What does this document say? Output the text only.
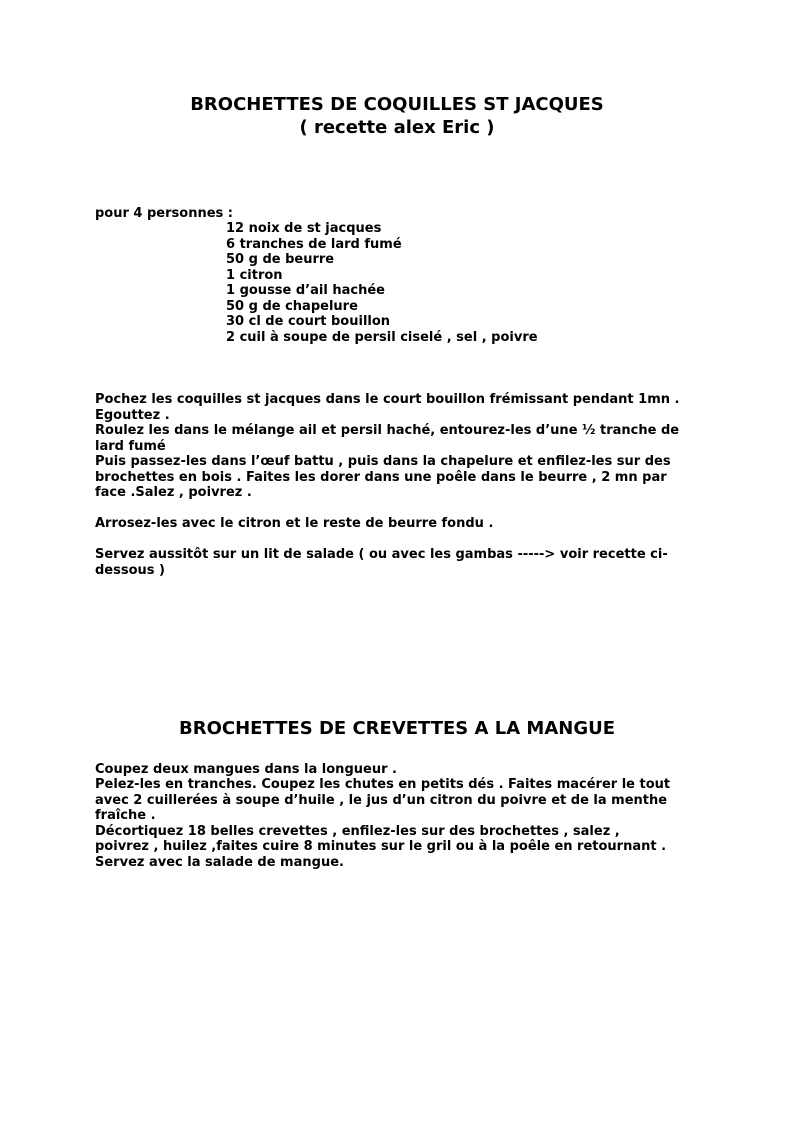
BROCHETTES DE COQUILLES ST JACQUES
( recette alex Eric )
pour 4 personnes :
12 noix de st jacques
6 tranches de lard fumé
50 g de beurre
1 citron
1 gousse d’ail hachée
50 g de chapelure
30 cl de court bouillon
2 cuil à soupe de persil ciselé , sel , poivre
Pochez les coquilles st jacques dans le court bouillon frémissant pendant 1mn .
Egouttez .
Roulez les dans le mélange ail et persil haché, entourez-les d’une ½ tranche de
lard fumé
Puis passez-les dans l’œuf battu , puis dans la chapelure et enfilez-les sur des
brochettes en bois . Faites les dorer dans une poêle dans le beurre , 2 mn par
face .Salez , poivrez .
Arrosez-les avec le citron et le reste de beurre fondu .
Servez aussitôt sur un lit de salade ( ou avec les gambas -----> voir recette ci-
dessous )
BROCHETTES DE CREVETTES A LA MANGUE
Coupez deux mangues dans la longueur .
Pelez-les en tranches. Coupez les chutes en petits dés . Faites macérer le tout
avec 2 cuillerées à soupe d’huile , le jus d’un citron du poivre et de la menthe
fraîche .
Décortiquez 18 belles crevettes , enfilez-les sur des brochettes , salez ,
poivrez , huilez ,faites cuire 8 minutes sur le gril ou à la poêle en retournant .
Servez avec la salade de mangue.
